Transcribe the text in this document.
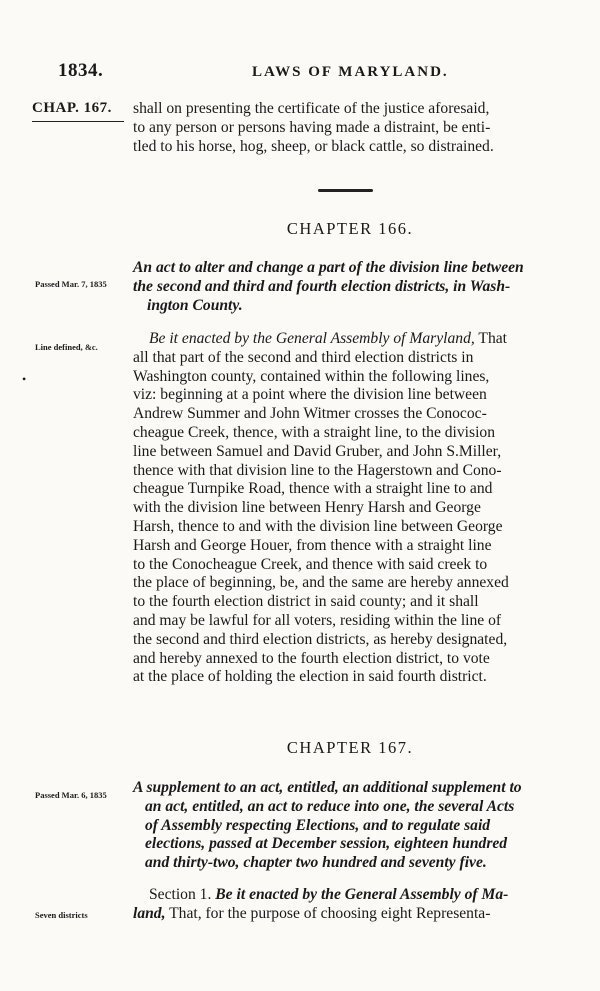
1834.	LAWS OF MARYLAND.
CHAP. 167. shall on presenting the certificate of the justice aforesaid,

to any person or persons having made a distraint, be enti-

tled to his horse, hog, sheep, or black cattle, so distrained.

CHAPTER 166.
Passed Mar. 7, 1835

An act to alter and change a part of the division line between

the second and third and fourth election districts, in Wash-

ington County.

Line defined, &c.
•

Be it enacted by the General Assembly of Maryland, That

all that part of the second and third election districts in

Washington county, contained within the following lines,

viz: beginning at a point where the division line between

Andrew Summer and John Witmer crosses the Conococ-

cheague Creek, thence, with a straight line, to the division

line between Samuel and David Gruber, and John S.Miller,

thence with that division line to the Hagerstown and Cono-

cheague Turnpike Road, thence with a straight line to and

with the division line between Henry Harsh and George

Harsh, thence to and with the division line between George

Harsh and George Houer, from thence with a straight line

to the Conocheague Creek, and thence with said creek to

the place of beginning, be, and the same are hereby annexed

to the fourth election district in said county; and it shall

and may be lawful for all voters, residing within the line of

the second and third election districts, as hereby designated,

and hereby annexed to the fourth election district, to vote

at the place of holding the election in said fourth district.

CHAPTER 167.
Passed Mar. 6, 1835 A supplement to an act, entitled, an additional supplement to

an act, entitled, an act to reduce into one, the several Acts

of Assembly respecting Elections, and to regulate said

elections, passed at December session, eighteen hundred

and thirty-two, chapter two hundred and seventy five.

Seven districts

Section 1. Be it enacted by the General Assembly of Ma-

land, That, for the purpose of choosing eight Representa-
